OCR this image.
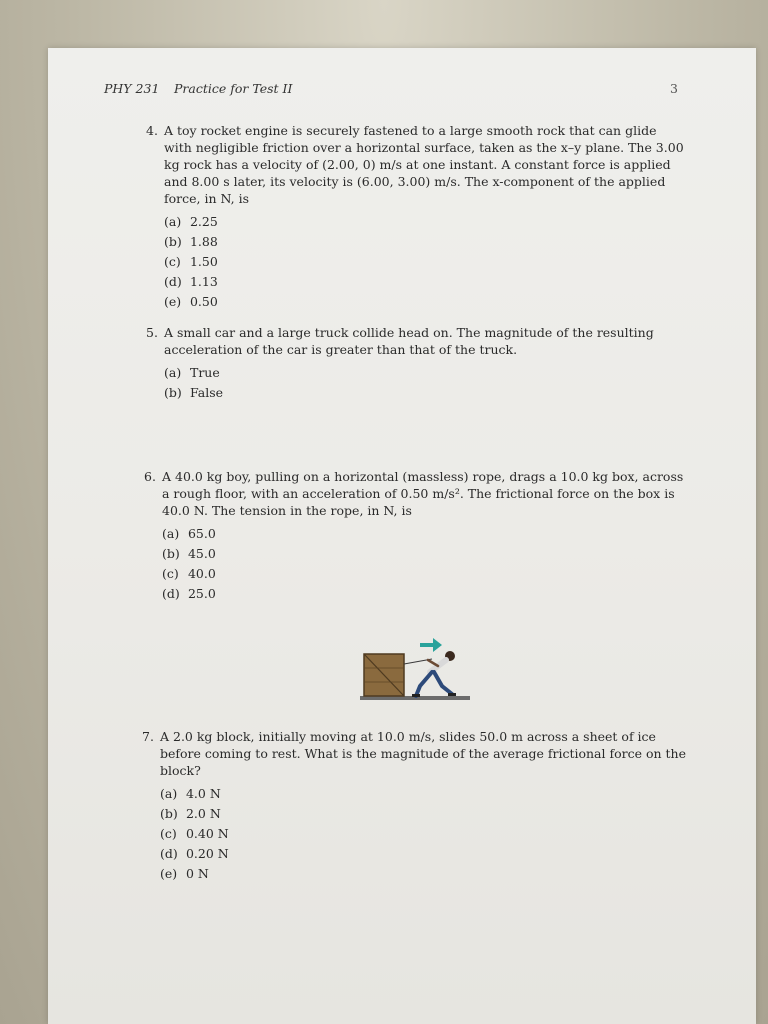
PHY 231 Practice for Test II	3
4. A toy rocket engine is securely fastened to a large smooth rock that can glide with negligible friction over a horizontal surface, taken as the x–y plane. The 3.00 kg rock has a velocity of (2.00, 0) m/s at one instant. A constant force is applied and 8.00 s later, its velocity is (6.00, 3.00) m/s. The x-component of the applied force, in N, is

(a) 2.25
(b) 1.88
(c) 1.50
(d) 1.13
(e) 0.50
5. A small car and a large truck collide head on. The magnitude of the resulting acceleration of the car is greater than that of the truck.

(a) True
(b) False
6. A 40.0 kg boy, pulling on a horizontal (massless) rope, drags a 10.0 kg box, across a rough floor, with an acceleration of 0.50 m/s². The frictional force on the box is 40.0 N. The tension in the rope, in N, is

(a) 65.0
(b) 45.0
(c) 40.0
(d) 25.0
7. A 2.0 kg block, initially moving at 10.0 m/s, slides 50.0 m across a sheet of ice before coming to rest. What is the magnitude of the average frictional force on the block?

(a) 4.0 N
(b) 2.0 N
(c) 0.40 N
(d) 0.20 N
(e) 0 N
